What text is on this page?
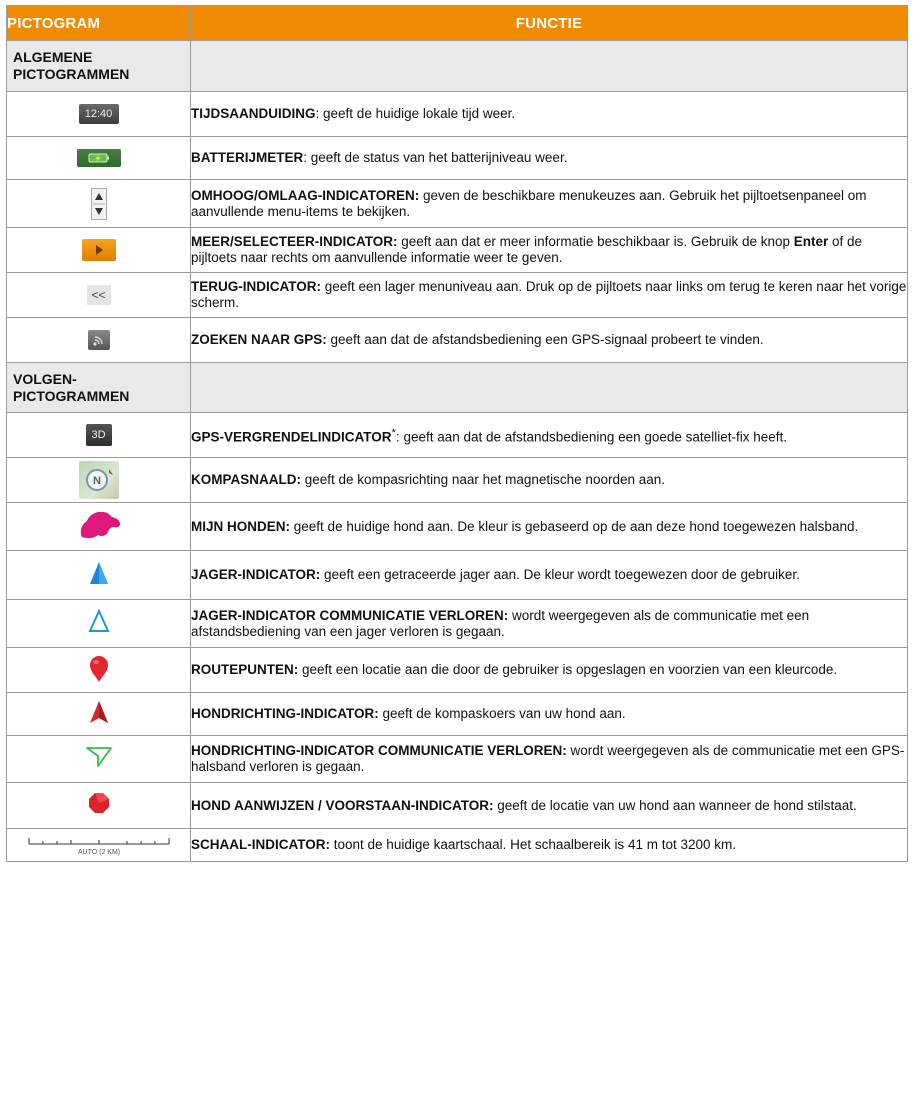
PICTOGRAM	FUNCTIE
ALGEMENE PICTOGRAMMEN	
12:40	TIJDSAANDUIDING: geeft de huidige lokale tijd weer.
	BATTERIJMETER: geeft de status van het batterijniveau weer.
	OMHOOG/OMLAAG-INDICATOREN: geven de beschikbare menukeuzes aan. Gebruik het pijltoetsenpaneel om aanvullende menu-items te bekijken.
	MEER/SELECTEER-INDICATOR: geeft aan dat er meer informatie beschikbaar is. Gebruik de knop Enter of de pijltoets naar rechts om aanvullende informatie weer te geven.
<<	TERUG-INDICATOR: geeft een lager menuniveau aan. Druk op de pijltoets naar links om terug te keren naar het vorige scherm.
	ZOEKEN NAAR GPS: geeft aan dat de afstandsbediening een GPS-signaal probeert te vinden.
VOLGEN-PICTOGRAMMEN	
3D	GPS-VERGRENDELINDICATOR*: geeft aan dat de afstandsbediening een goede satelliet-fix heeft.

N	KOMPASNAALD: geeft de kompasrichting naar het magnetische noorden aan.
	MIJN HONDEN: geeft de huidige hond aan. De kleur is gebaseerd op de aan deze hond toegewezen halsband.
	JAGER-INDICATOR: geeft een getraceerde jager aan. De kleur wordt toegewezen door de gebruiker.
	JAGER-INDICATOR COMMUNICATIE VERLOREN: wordt weergegeven als de communicatie met een afstandsbediening van een jager verloren is gegaan.
	ROUTEPUNTEN: geeft een locatie aan die door de gebruiker is opgeslagen en voorzien van een kleurcode.
	HONDRICHTING-INDICATOR: geeft de kompaskoers van uw hond aan.
	HONDRICHTING-INDICATOR COMMUNICATIE VERLOREN: wordt weergegeven als de communicatie met een GPS-halsband verloren is gegaan.
	HOND AANWIJZEN / VOORSTAAN-INDICATOR: geeft de locatie van uw hond aan wanneer de hond stilstaat.

AUTO (2 KM)	SCHAAL-INDICATOR: toont de huidige kaartschaal. Het schaalbereik is 41 m tot 3200 km.
